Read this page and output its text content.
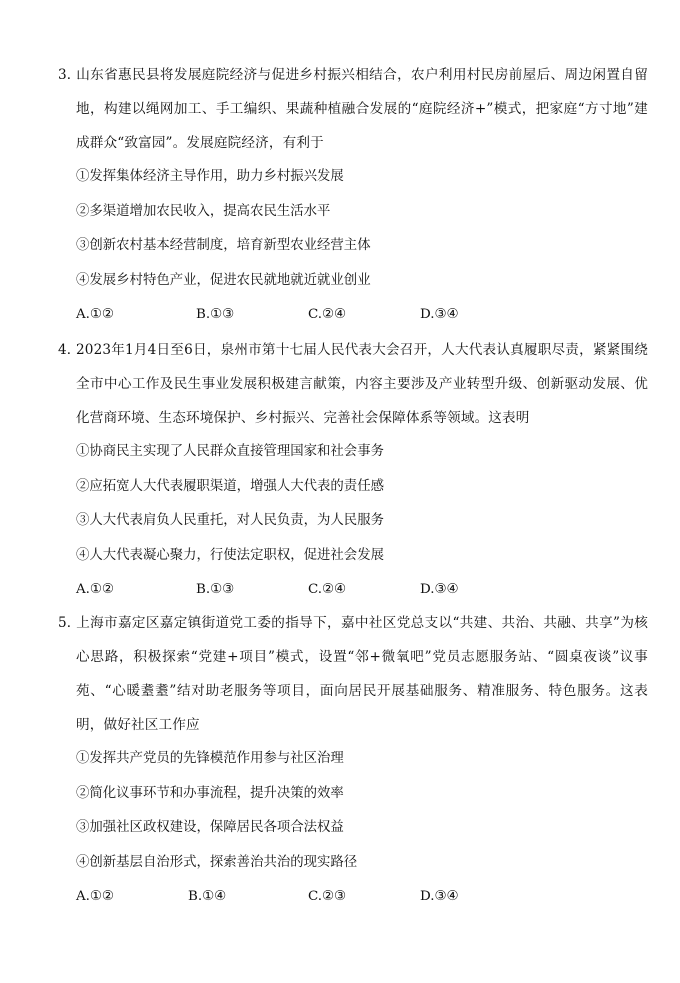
3．山东省惠民县将发展庭院经济与促进乡村振兴相结合，农户利用村民房前屋后、周边闲置自留地，构建以绳网加工、手工编织、果蔬种植融合发展的“庭院经济+”模式，把家庭“方寸地”建成群众“致富园”。发展庭院经济，有利于
①发挥集体经济主导作用，助力乡村振兴发展
②多渠道增加农民收入，提高农民生活水平
③创新农村基本经营制度，培育新型农业经营主体
④发展乡村特色产业，促进农民就地就近就业创业
A.①②	B.①③	C.②④	D.③④
4．2023年1月4日至6日，泉州市第十七届人民代表大会召开，人大代表认真履职尽责，紧紧围绕全市中心工作及民生事业发展积极建言献策，内容主要涉及产业转型升级、创新驱动发展、优化营商环境、生态环境保护、乡村振兴、完善社会保障体系等领域。这表明
①协商民主实现了人民群众直接管理国家和社会事务
②应拓宽人大代表履职渠道，增强人大代表的责任感
③人大代表肩负人民重托，对人民负责，为人民服务
④人大代表凝心聚力，行使法定职权，促进社会发展
A.①②	B.①③	C.②④	D.③④
5．上海市嘉定区嘉定镇街道党工委的指导下，嘉中社区党总支以“共建、共治、共融、共享”为核心思路，积极探索“党建+项目”模式，设置“邻+微氧吧”党员志愿服务站、“圆桌夜谈”议事苑、“心暖耋耋”结对助老服务等项目，面向居民开展基础服务、精准服务、特色服务。这表明，做好社区工作应
①发挥共产党员的先锋模范作用参与社区治理
②简化议事环节和办事流程，提升决策的效率
③加强社区政权建设，保障居民各项合法权益
④创新基层自治形式，探索善治共治的现实路径
A.①②	B.①④	C.②③	D.③④
